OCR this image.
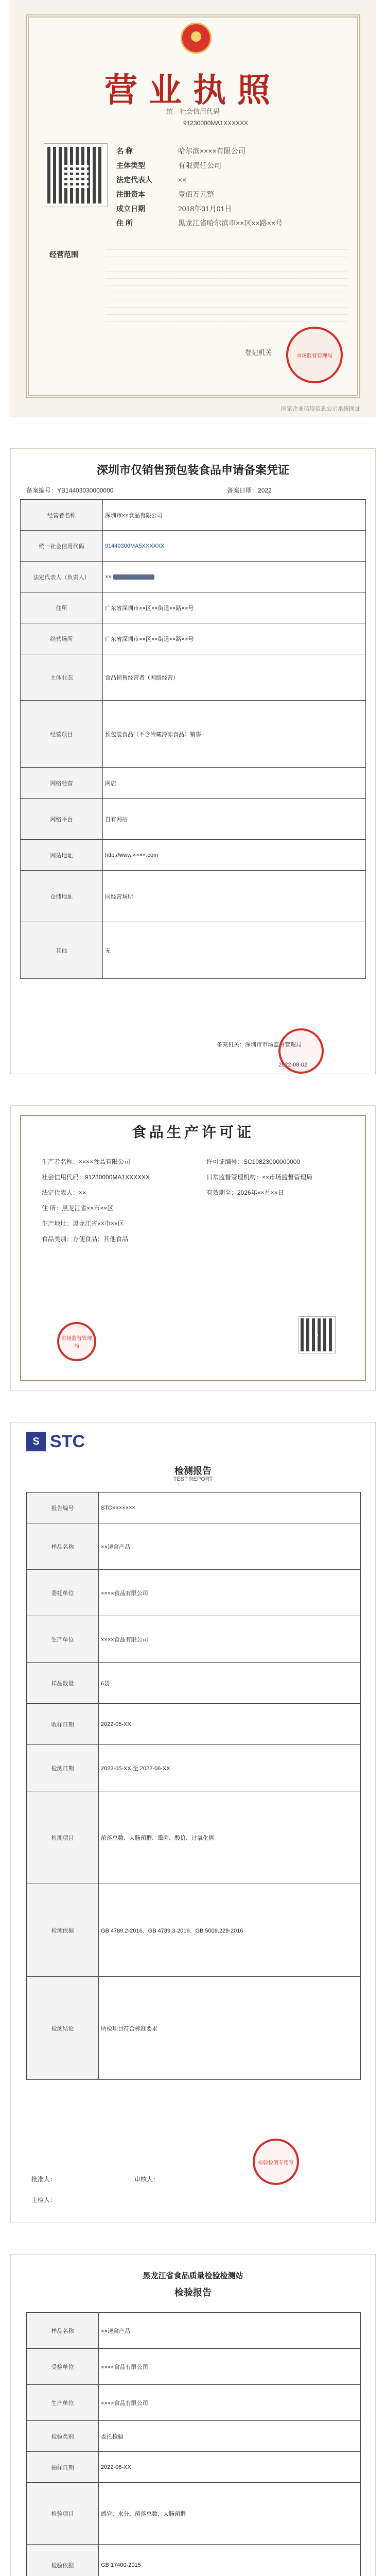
营业执照
统一社会信用代码
91230000MA1XXXXXX
名 称	哈尔滨××××有限公司
主体类型	有限责任公司
法定代表人	××
注册资本	壹佰万元整
成立日期	2018年01月01日
住 所	黑龙江省哈尔滨市××区××路××号
经营范围
登记机关	市场监督管理局
国家企业信用信息公示系统网址
深圳市仅销售预包装食品申请备案凭证
备案编号：YB14403030000000	备案日期：2022
经营者名称	深圳市××食品有限公司
统一社会信用代码	91440300MA5XXXXXX
法定代表人（负责人）	××
住所	广东省深圳市××区××街道××路××号
经营场所	广东省深圳市××区××街道××路××号
主体业态	食品销售经营者（网络经营）
经营项目	预包装食品（不含冷藏冷冻食品）销售
网络经营	网店
网络平台	自有网站
网站地址	http://www.××××.com
仓储地址	同经营场所
其他	无
备案机关：深圳市市场监督管理局
2022-08-02
食品生产许可证
生产者名称：××××食品有限公司
社会信用代码：91230000MA1XXXXXX
法定代表人：××
住 所：黑龙江省××市××区
生产地址：黑龙江省××市××区
食品类别：方便食品；其他食品
许可证编号：SC10823000000000
日常监督管理机构：××市场监督管理局
有效期至：2026年××月××日
市场监督管理局
S STC
检测报告
TEST REPORT
报告编号	STC×××××××
样品名称	××速食产品
委托单位	××××食品有限公司
生产单位	××××食品有限公司
样品数量	6袋
收样日期	2022-05-XX
检测日期	2022-05-XX 至 2022-06-XX
检测项目	菌落总数、大肠菌群、霉菌、酸价、过氧化值
检测依据	GB 4789.2-2016、GB 4789.3-2016、GB 5009.229-2016
检测结论	所检项目符合标准要求
批准人：	审核人：
主检人：
检验检测专用章
黑龙江省食品质量检验检测站
检验报告
样品名称	××速食产品
受检单位	××××食品有限公司
生产单位	××××食品有限公司
检验类别	委托检验
抽样日期	2022-06-XX
检验项目	感官、水分、菌落总数、大肠菌群
检验依据	GB 17400-2015
